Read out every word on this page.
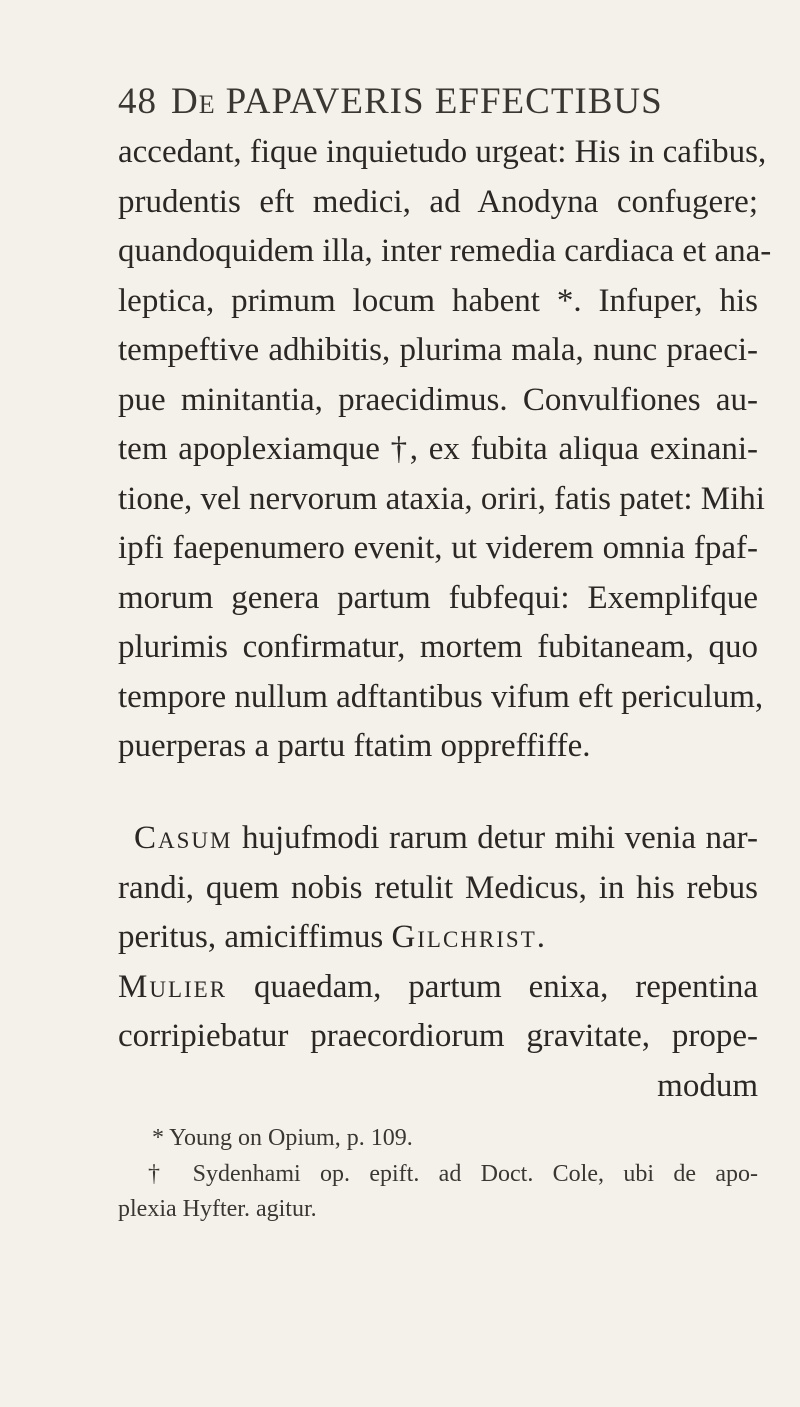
48 De PAPAVERIS EFFECTIBUS
accedant, fique inquietudo urgeat: His in cafibus,
prudentis eft medici, ad Anodyna confugere;
quandoquidem illa, inter remedia cardiaca et ana-
leptica, primum locum habent *. Infuper, his
tempeftive adhibitis, plurima mala, nunc praeci-
pue minitantia, praecidimus. Convulfiones au-
tem apoplexiamque †, ex fubita aliqua exinani-
tione, vel nervorum ataxia, oriri, fatis patet: Mihi
ipfi faepenumero evenit, ut viderem omnia fpaf-
morum genera partum fubfequi: Exemplifque
plurimis confirmatur, mortem fubitaneam, quo
tempore nullum adftantibus vifum eft periculum,
puerperas a partu ftatim oppreffiffe.
Casum hujufmodi rarum detur mihi venia nar-
randi, quem nobis retulit Medicus, in his rebus
peritus, amiciffimus Gilchrist.
Mulier quaedam, partum enixa, repentina
corripiebatur praecordiorum gravitate, prope-
modum
* Young on Opium, p. 109.
† Sydenhami op. epift. ad Doct. Cole, ubi de apo-
plexia Hyfter. agitur.
